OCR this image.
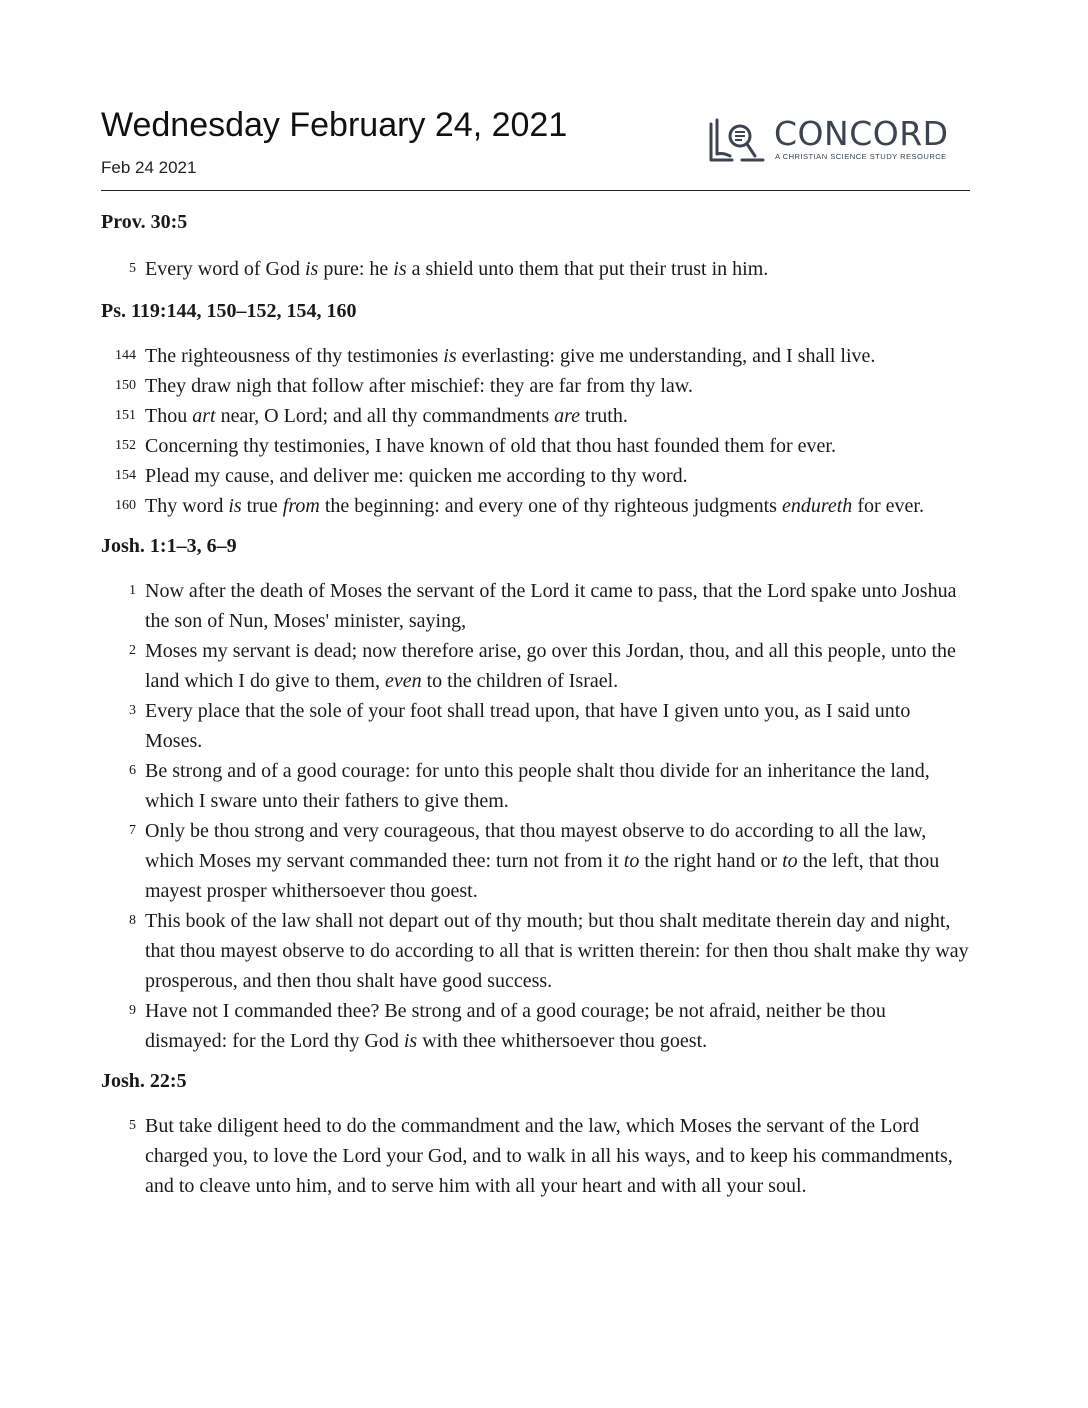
Wednesday February 24, 2021
Feb 24 2021
CONCORD
A CHRISTIAN SCIENCE STUDY RESOURCE
Prov. 30:5
5 Every word of God is pure: he is a shield unto them that put their trust in him.
Ps. 119:144, 150–152, 154, 160
144 The righteousness of thy testimonies is everlasting: give me understanding, and I shall live.
150 They draw nigh that follow after mischief: they are far from thy law.
151 Thou art near, O Lord; and all thy commandments are truth.
152 Concerning thy testimonies, I have known of old that thou hast founded them for ever.
154 Plead my cause, and deliver me: quicken me according to thy word.
160 Thy word is true from the beginning: and every one of thy righteous judgments endureth for ever.
Josh. 1:1–3, 6–9
1 Now after the death of Moses the servant of the Lord it came to pass, that the Lord spake unto Joshua the son of Nun, Moses' minister, saying,
2 Moses my servant is dead; now therefore arise, go over this Jordan, thou, and all this people, unto the land which I do give to them, even to the children of Israel.
3 Every place that the sole of your foot shall tread upon, that have I given unto you, as I said unto Moses.
6 Be strong and of a good courage: for unto this people shalt thou divide for an inheritance the land, which I sware unto their fathers to give them.
7 Only be thou strong and very courageous, that thou mayest observe to do according to all the law, which Moses my servant commanded thee: turn not from it to the right hand or to the left, that thou mayest prosper whithersoever thou goest.
8 This book of the law shall not depart out of thy mouth; but thou shalt meditate therein day and night, that thou mayest observe to do according to all that is written therein: for then thou shalt make thy way prosperous, and then thou shalt have good success.
9 Have not I commanded thee? Be strong and of a good courage; be not afraid, neither be thou dismayed: for the Lord thy God is with thee whithersoever thou goest.
Josh. 22:5
5 But take diligent heed to do the commandment and the law, which Moses the servant of the Lord charged you, to love the Lord your God, and to walk in all his ways, and to keep his commandments, and to cleave unto him, and to serve him with all your heart and with all your soul.
